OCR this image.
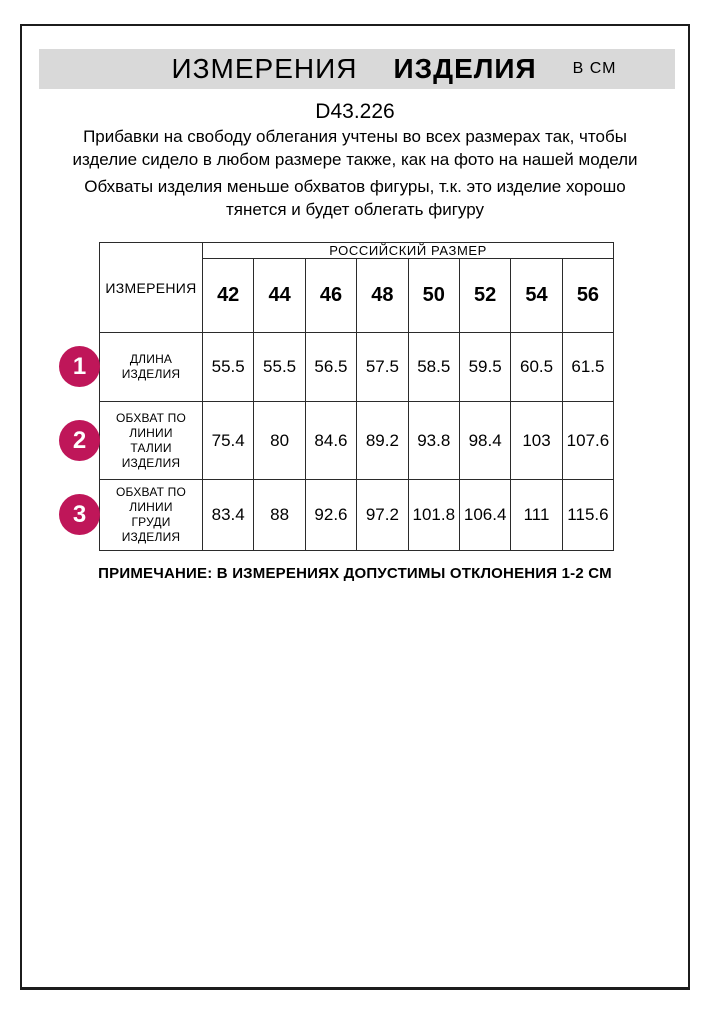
ИЗМЕРЕНИЯ ИЗДЕЛИЯ В СМ
D43.226

Прибавки на свободу облегания учтены во всех размерах так, чтобы изделие сидело в любом размере также, как на фото на нашей модели

Обхваты изделия меньше обхватов фигуры, т.к. это изделие хорошо тянется и будет облегать фигуру

ИЗМЕРЕНИЯ	РОССИЙСКИЙ РАЗМЕР							
	42	44	46	48	50	52	54	56
ДЛИНА ИЗДЕЛИЯ	55.5	55.5	56.5	57.5	58.5	59.5	60.5	61.5
ОБХВАТ ПО ЛИНИИ ТАЛИИ ИЗДЕЛИЯ	75.4	80	84.6	89.2	93.8	98.4	103	107.6
ОБХВАТ ПО ЛИНИИ ГРУДИ ИЗДЕЛИЯ	83.4	88	92.6	97.2	101.8	106.4	111	115.6
1
2
3
ПРИМЕЧАНИЕ: В ИЗМЕРЕНИЯХ ДОПУСТИМЫ ОТКЛОНЕНИЯ 1-2 СМ
